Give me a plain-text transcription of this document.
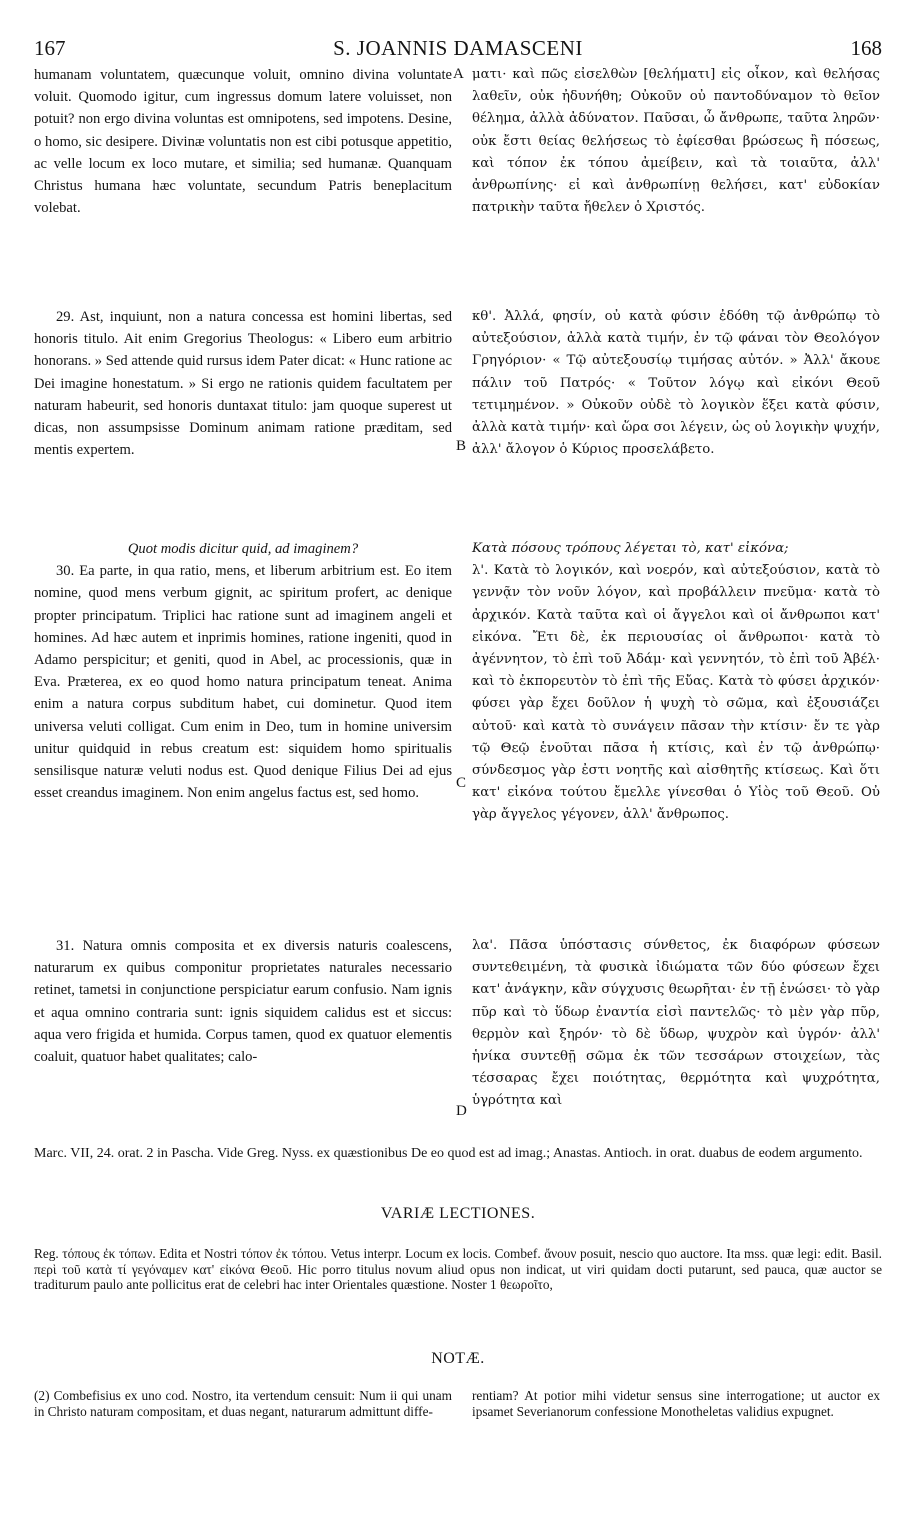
167	S. JOANNIS DAMASCENI	168

humanam voluntatem, quæcunque voluit, omnino divina voluntate voluit. Quomodo igitur, cum ingressus domum latere voluisset, non potuit? non ergo divina voluntas est omnipotens, sed impotens. Desine, o homo, sic desipere. Divinæ voluntatis non est cibi potusque appetitio, ac velle locum ex loco mutare, et similia; sed humanæ. Quanquam Christus humana hæc voluntate, secundum Patris beneplacitum volebat.

29. Ast, inquiunt, non a natura concessa est homini libertas, sed honoris titulo. Ait enim Gregorius Theologus: « Libero eum arbitrio honorans. » Sed attende quid rursus idem Pater dicat: « Hunc ratione ac Dei imagine honestatum. » Si ergo ne rationis quidem facultatem per naturam habeurit, sed honoris duntaxat titulo: jam quoque superest ut dicas, non assumpsisse Dominum animam ratione præditam, sed mentis expertem.

Quot modis dicitur quid, ad imaginem?

30. Ea parte, in qua ratio, mens, et liberum arbitrium est. Eo item nomine, quod mens verbum gignit, ac spiritum profert, ac denique propter principatum. Triplici hac ratione sunt ad imaginem angeli et homines. Ad hæc autem et inprimis homines, ratione ingeniti, quod in Adamo perspicitur; et geniti, quod in Abel, ac processionis, quæ in Eva. Præterea, ex eo quod homo natura principatum teneat. Anima enim a natura corpus subditum habet, cui dominetur. Quod item universa veluti colligat. Cum enim in Deo, tum in homine universim unitur quidquid in rebus creatum est: siquidem homo spiritualis sensilisque naturæ veluti nodus est. Quod denique Filius Dei ad ejus esset creandus imaginem. Non enim angelus factus est, sed homo.

31. Natura omnis composita et ex diversis naturis coalescens, naturarum ex quibus componitur proprietates naturales necessario retinet, tametsi in conjunctione perspiciatur earum confusio. Nam ignis et aqua omnino contraria sunt: ignis siquidem calidus est et siccus: aqua vero frigida et humida. Corpus tamen, quod ex quatuor elementis coaluit, quatuor habet qualitates; calo-

A
B
C
D

ματι· καὶ πῶς εἰσελθὼν [θελήματι] εἰς οἶκον, καὶ θελήσας λαθεῖν, οὐκ ἠδυνήθη; Οὐκοῦν οὐ παντοδύναμον τὸ θεῖον θέλημα, ἀλλὰ ἀδύνατον. Παῦσαι, ὦ ἄνθρωπε, ταῦτα ληρῶν· οὐκ ἔστι θείας θελήσεως τὸ ἐφίεσθαι βρώσεως ἢ πόσεως, καὶ τόπον ἐκ τόπου ἀμείβειν, καὶ τὰ τοιαῦτα, ἀλλ' ἀνθρωπίνης· εἰ καὶ ἀνθρωπίνῃ θελήσει, κατ' εὐδοκίαν πατρικὴν ταῦτα ἤθελεν ὁ Χριστός.

κθ'. Ἀλλά, φησίν, οὐ κατὰ φύσιν ἐδόθη τῷ ἀνθρώπῳ τὸ αὐτεξούσιον, ἀλλὰ κατὰ τιμήν, ἐν τῷ φάναι τὸν Θεολόγον Γρηγόριον· « Τῷ αὐτεξουσίῳ τιμήσας αὐτόν. » Ἀλλ' ἄκουε πάλιν τοῦ Πατρός· « Τοῦτον λόγῳ καὶ εἰκόνι Θεοῦ τετιμημένον. » Οὐκοῦν οὐδὲ τὸ λογικὸν ἕξει κατὰ φύσιν, ἀλλὰ κατὰ τιμήν· καὶ ὥρα σοι λέγειν, ὡς οὐ λογικὴν ψυχήν, ἀλλ' ἄλογον ὁ Κύριος προσελάβετο.

Κατὰ πόσους τρόπους λέγεται τὸ, κατ' εἰκόνα;

λ'. Κατὰ τὸ λογικόν, καὶ νοερόν, καὶ αὐτεξούσιον, κατὰ τὸ γεννᾷν τὸν νοῦν λόγον, καὶ προβάλλειν πνεῦμα· κατὰ τὸ ἀρχικόν. Κατὰ ταῦτα καὶ οἱ ἄγγελοι καὶ οἱ ἄνθρωποι κατ' εἰκόνα. Ἔτι δὲ, ἐκ περιουσίας οἱ ἄνθρωποι· κατὰ τὸ ἀγέννητον, τὸ ἐπὶ τοῦ Ἀδάμ· καὶ γεννητόν, τὸ ἐπὶ τοῦ Ἀβέλ· καὶ τὸ ἐκπορευτὸν τὸ ἐπὶ τῆς Εὔας. Κατὰ τὸ φύσει ἀρχικόν· φύσει γὰρ ἔχει δοῦλον ἡ ψυχὴ τὸ σῶμα, καὶ ἐξουσιάζει αὐτοῦ· καὶ κατὰ τὸ συνάγειν πᾶσαν τὴν κτίσιν· ἔν τε γὰρ τῷ Θεῷ ἑνοῦται πᾶσα ἡ κτίσις, καὶ ἐν τῷ ἀνθρώπῳ· σύνδεσμος γὰρ ἐστι νοητῆς καὶ αἰσθητῆς κτίσεως. Καὶ ὅτι κατ' εἰκόνα τούτου ἔμελλε γίνεσθαι ὁ Υἱὸς τοῦ Θεοῦ. Οὐ γὰρ ἄγγελος γέγονεν, ἀλλ' ἄνθρωπος.

λα'. Πᾶσα ὑπόστασις σύνθετος, ἐκ διαφόρων φύσεων συντεθειμένη, τὰ φυσικὰ ἰδιώματα τῶν δύο φύσεων ἔχει κατ' ἀνάγκην, κἂν σύγχυσις θεωρῆται· ἐν τῇ ἑνώσει· τὸ γὰρ πῦρ καὶ τὸ ὕδωρ ἐναντία εἰσὶ παντελῶς· τὸ μὲν γὰρ πῦρ, θερμὸν καὶ ξηρόν· τὸ δὲ ὕδωρ, ψυχρὸν καὶ ὑγρόν· ἀλλ' ἡνίκα συντεθῇ σῶμα ἐκ τῶν τεσσάρων στοιχείων, τὰς τέσσαρας ἔχει ποιότητας, θερμότητα καὶ ψυχρότητα, ὑγρότητα καὶ

Marc. VII, 24. orat. 2 in Pascha. Vide Greg. Nyss. ex quæstionibus De eo quod est ad imag.; Anastas. Antioch. in orat. duabus de eodem argumento.
VARIÆ LECTIONES.

Reg. τόπους ἐκ τόπων. Edita et Nostri τόπον ἐκ τόπου. Vetus interpr. Locum ex locis. Combef. ἄνουν posuit, nescio quo auctore. Ita mss. quæ legi: edit. Basil. περὶ τοῦ κατὰ τί γεγόναμεν κατ' εἰκόνα Θεοῦ. Hic porro titulus novum aliud opus non indicat, ut viri quidam docti putarunt, sed pauca, quæ auctor se traditurum paulo ante pollicitus erat de celebri hac inter Orientales quæstione. Noster 1 θεωροῖτο,

NOTÆ.

(2) Combefisius ex uno cod. Nostro, ita vertendum censuit: Num ii qui unam in Christo naturam compositam, et duas negant, naturarum admittunt diffe-

rentiam? At potior mihi videtur sensus sine interrogatione; ut auctor ex ipsamet Severianorum confessione Monotheletas validius expugnet.
